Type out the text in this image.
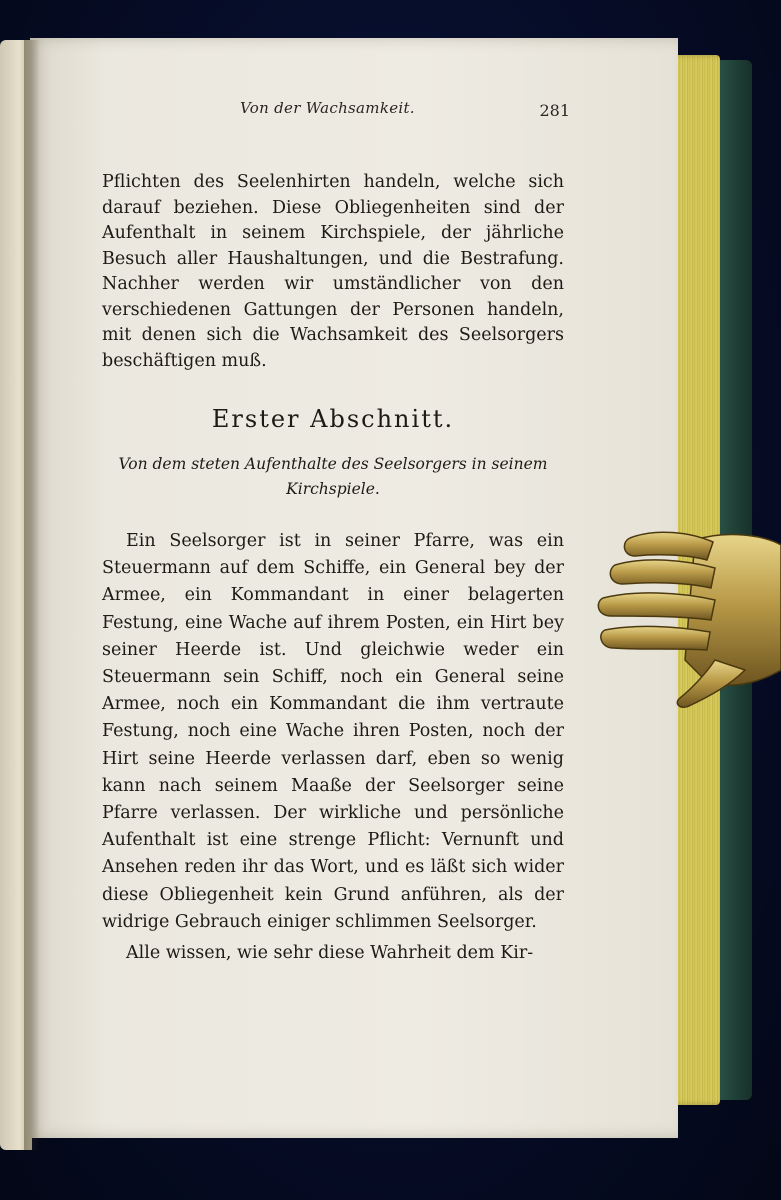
Von der Wachsamkeit.	281

Pflichten des Seelenhirten handeln, welche sich darauf beziehen. Diese Obliegenheiten sind der Aufenthalt in seinem Kirchspiele, der jährliche Besuch aller Haushaltungen, und die Bestrafung. Nachher werden wir umständlicher von den verschiedenen Gattungen der Personen handeln, mit denen sich die Wachsamkeit des Seelsorgers beschäftigen muß.

Erster Abschnitt.
Von dem steten Aufenthalte des Seelsorgers in seinem Kirchspiele.
Ein Seelsorger ist in seiner Pfarre, was ein Steuermann auf dem Schiffe, ein General bey der Armee, ein Kommandant in einer belagerten Festung, eine Wache auf ihrem Posten, ein Hirt bey seiner Heerde ist. Und gleichwie weder ein Steuermann sein Schiff, noch ein General seine Armee, noch ein Kommandant die ihm vertraute Festung, noch eine Wache ihren Posten, noch der Hirt seine Heerde verlassen darf, eben so wenig kann nach seinem Maaße der Seelsorger seine Pfarre verlassen. Der wirkliche und persönliche Aufenthalt ist eine strenge Pflicht: Vernunft und Ansehen reden ihr das Wort, und es läßt sich wider diese Obliegenheit kein Grund anführen, als der widrige Gebrauch einiger schlimmen Seelsorger.
Alle wissen, wie sehr diese Wahrheit dem Kir-
